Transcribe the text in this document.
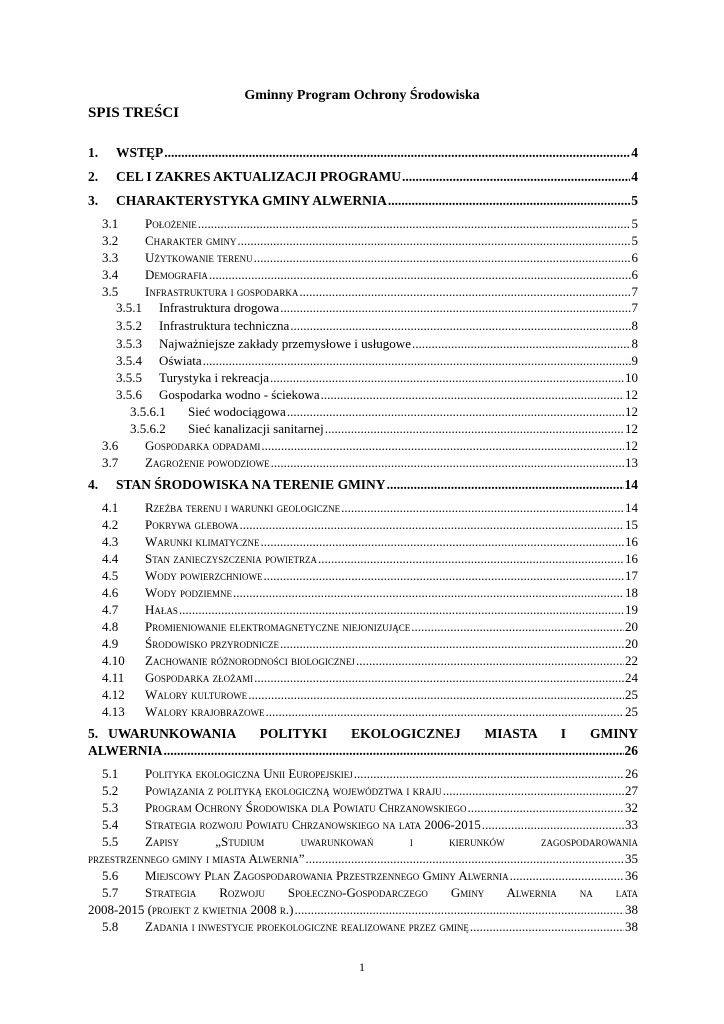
Gminny Program Ochrony Środowiska
SPIS TREŚCI
1. WSTĘP .....	4
2. CEL I ZAKRES AKTUALIZACJI PROGRAMU .....	4
3. CHARAKTERYSTYKA GMINY ALWERNIA .....	5
3.1 Położenie .....	5
3.2 Charakter gminy .....	5
3.3 Użytkowanie terenu .....	6
3.4 Demografia .....	6
3.5 Infrastruktura i gospodarka .....	7
3.5.1 Infrastruktura drogowa .....	7
3.5.2 Infrastruktura techniczna .....	8
3.5.3 Najważniejsze zakłady przemysłowe i usługowe .....	8
3.5.4 Oświata .....	9
3.5.5 Turystyka i rekreacja .....	10
3.5.6 Gospodarka wodno - ściekowa .....	12
3.5.6.1 Sieć wodociągowa .....	12
3.5.6.2 Sieć kanalizacji sanitarnej .....	12
3.6 Gospodarka odpadami .....	12
3.7 Zagrożenie powodziowe .....	13
4. STAN ŚRODOWISKA NA TERENIE GMINY .....	14
4.1 Rzeźba terenu i warunki geologiczne .....	14
4.2 Pokrywa glebowa .....	15
4.3 Warunki klimatyczne .....	16
4.4 Stan zanieczyszczenia powietrza .....	16
4.5 Wody powierzchniowe .....	17
4.6 Wody podziemne .....	18
4.7 Hałas .....	19
4.8 Promieniowanie elektromagnetyczne niejonizujące .....	20
4.9 Środowisko przyrodnicze .....	20
4.10 Zachowanie różnorodności biologicznej .....	22
4.11 Gospodarka złożami .....	24
4.12 Walory kulturowe .....	25
4.13 Walory krajobrazowe .....	25
5. UWARUNKOWANIA POLITYKI EKOLOGICZNEJ MIASTA I GMINY
ALWERNIA .....	26
5.1 Polityka ekologiczna Unii Europejskiej .....	26
5.2 Powiązania z polityką ekologiczną województwa i kraju .....	27
5.3 Program Ochrony Środowiska dla Powiatu Chrzanowskiego .....	32
5.4 Strategia rozwoju Powiatu Chrzanowskiego na lata 2006-2015 .....	33
5.5	Zapisy „Studium uwarunkowań i kierunków zagospodarowania
przestrzennego gminy i miasta Alwernia” .....	35
5.6 Miejscowy Plan Zagospodarowania Przestrzennego Gminy Alwernia .....	36
5.7	Strategia Rozwoju Społeczno-Gospodarczego Gminy Alwernia na lata
2008-2015 (projekt z kwietnia 2008 r.) .....	38
5.8 Zadania i inwestycje proekologiczne realizowane przez gminę .....	38
1
